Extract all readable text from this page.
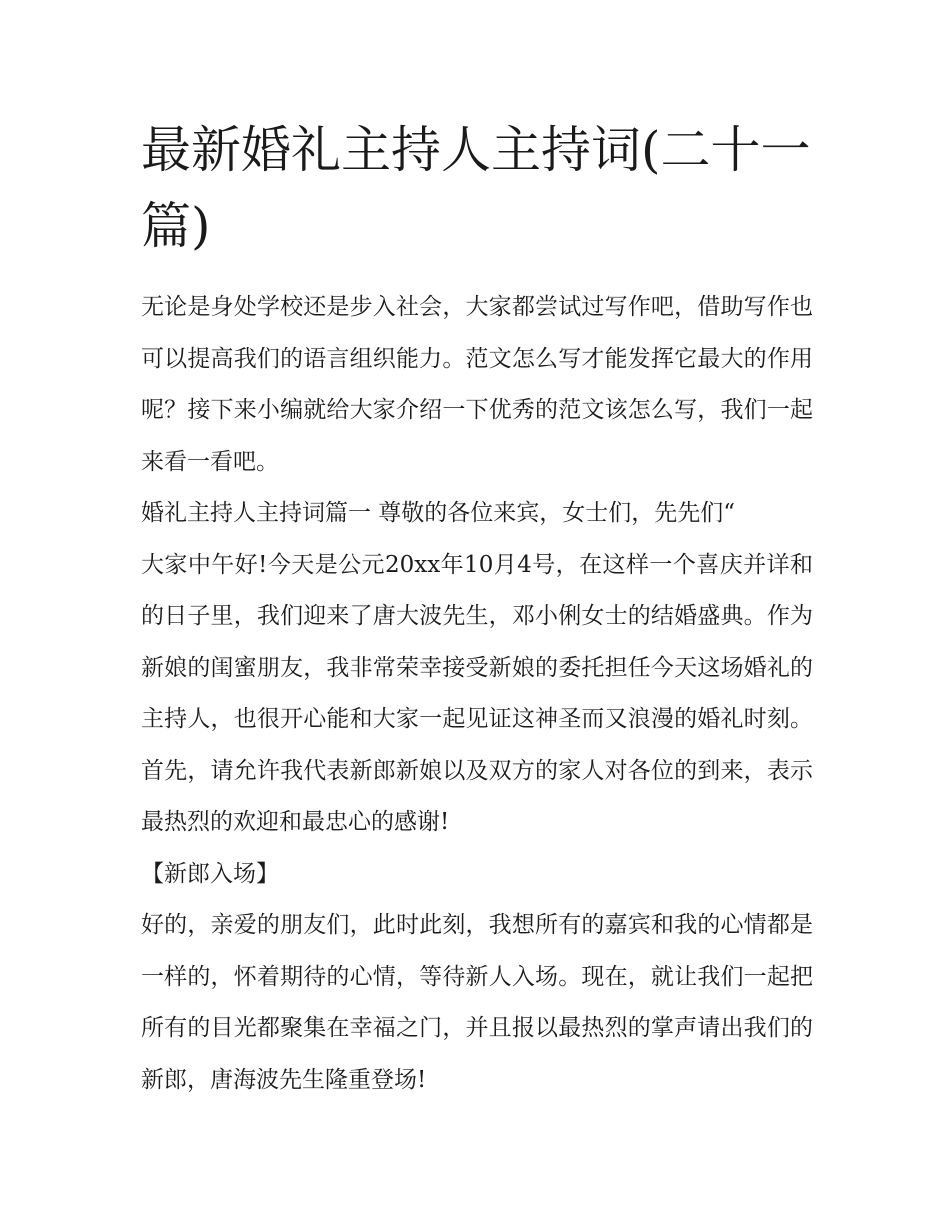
最新婚礼主持人主持词(二十一篇)

无论是身处学校还是步入社会，大家都尝试过写作吧，借助写作也可以提高我们的语言组织能力。范文怎么写才能发挥它最大的作用呢？接下来小编就给大家介绍一下优秀的范文该怎么写，我们一起来看一看吧。

婚礼主持人主持词篇一 尊敬的各位来宾，女士们，先先们“

大家中午好!今天是公元20xx年10月4号，在这样一个喜庆并详和的日子里，我们迎来了唐大波先生，邓小俐女士的结婚盛典。作为新娘的闺蜜朋友，我非常荣幸接受新娘的委托担任今天这场婚礼的主持人，也很开心能和大家一起见证这神圣而又浪漫的婚礼时刻。首先，请允许我代表新郎新娘以及双方的家人对各位的到来，表示最热烈的欢迎和最忠心的感谢!

【新郎入场】

好的，亲爱的朋友们，此时此刻，我想所有的嘉宾和我的心情都是一样的，怀着期待的心情，等待新人入场。现在，就让我们一起把所有的目光都聚集在幸福之门，并且报以最热烈的掌声请出我们的新郎，唐海波先生隆重登场!
